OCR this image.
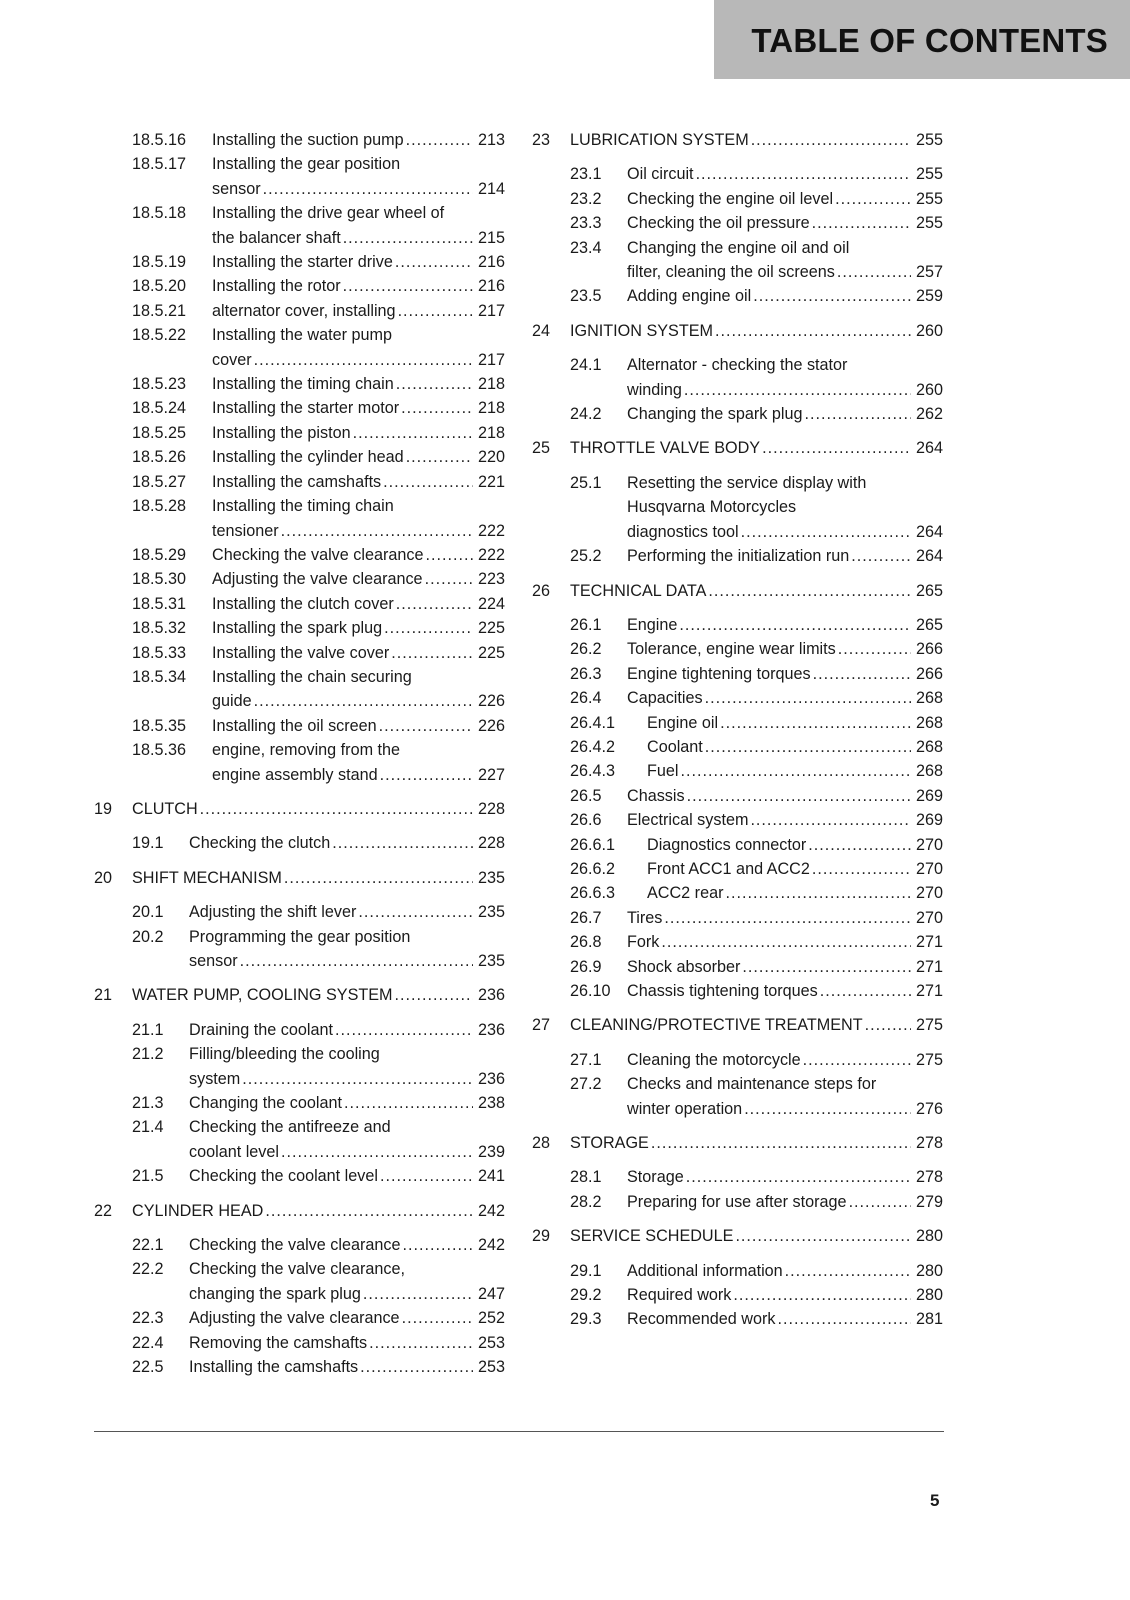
TABLE OF CONTENTS
18.5.16 Installing the suction pump .....	213
18.5.17 Installing the gear position
sensor .....	214
18.5.18 Installing the drive gear wheel of
the balancer shaft .....	215
18.5.19 Installing the starter drive .....	216
18.5.20 Installing the rotor .....	216
18.5.21 alternator cover, installing .....	217
18.5.22 Installing the water pump
cover .....	217
18.5.23 Installing the timing chain .....	218
18.5.24 Installing the starter motor .....	218
18.5.25 Installing the piston .....	218
18.5.26 Installing the cylinder head .....	220
18.5.27 Installing the camshafts .....	221
18.5.28 Installing the timing chain
tensioner .....	222
18.5.29 Checking the valve clearance .....	222
18.5.30 Adjusting the valve clearance .....	223
18.5.31 Installing the clutch cover .....	224
18.5.32 Installing the spark plug .....	225
18.5.33 Installing the valve cover .....	225
18.5.34 Installing the chain securing
guide .....	226
18.5.35 Installing the oil screen .....	226
18.5.36 engine, removing from the
engine assembly stand .....	227
19 CLUTCH .....	228
19.1 Checking the clutch .....	228
20 SHIFT MECHANISM .....	235
20.1 Adjusting the shift lever .....	235
20.2 Programming the gear position
sensor .....	235
21 WATER PUMP, COOLING SYSTEM .....	236
21.1 Draining the coolant .....	236
21.2 Filling/bleeding the cooling
system .....	236
21.3 Changing the coolant .....	238
21.4 Checking the antifreeze and
coolant level .....	239
21.5 Checking the coolant level .....	241
22 CYLINDER HEAD .....	242
22.1 Checking the valve clearance .....	242
22.2 Checking the valve clearance,
changing the spark plug .....	247
22.3 Adjusting the valve clearance .....	252
22.4 Removing the camshafts .....	253
22.5 Installing the camshafts .....	253
23 LUBRICATION SYSTEM .....	255
23.1 Oil circuit .....	255
23.2 Checking the engine oil level .....	255
23.3 Checking the oil pressure .....	255
23.4 Changing the engine oil and oil
filter, cleaning the oil screens .....	257
23.5 Adding engine oil .....	259
24 IGNITION SYSTEM .....	260
24.1 Alternator - checking the stator
winding .....	260
24.2 Changing the spark plug .....	262
25 THROTTLE VALVE BODY .....	264
25.1 Resetting the service display with
Husqvarna Motorcycles
diagnostics tool .....	264
25.2 Performing the initialization run .....	264
26 TECHNICAL DATA .....	265
26.1 Engine .....	265
26.2 Tolerance, engine wear limits .....	266
26.3 Engine tightening torques .....	266
26.4 Capacities .....	268
26.4.1 Engine oil .....	268
26.4.2 Coolant .....	268
26.4.3 Fuel .....	268
26.5 Chassis .....	269
26.6 Electrical system .....	269
26.6.1 Diagnostics connector .....	270
26.6.2 Front ACC1 and ACC2 .....	270
26.6.3 ACC2 rear .....	270
26.7 Tires .....	270
26.8 Fork .....	271
26.9 Shock absorber .....	271
26.10 Chassis tightening torques .....	271
27 CLEANING/PROTECTIVE TREATMENT .....	275
27.1 Cleaning the motorcycle .....	275
27.2 Checks and maintenance steps for
winter operation .....	276
28 STORAGE .....	278
28.1 Storage .....	278
28.2 Preparing for use after storage .....	279
29 SERVICE SCHEDULE .....	280
29.1 Additional information .....	280
29.2 Required work .....	280
29.3 Recommended work .....	281
5
